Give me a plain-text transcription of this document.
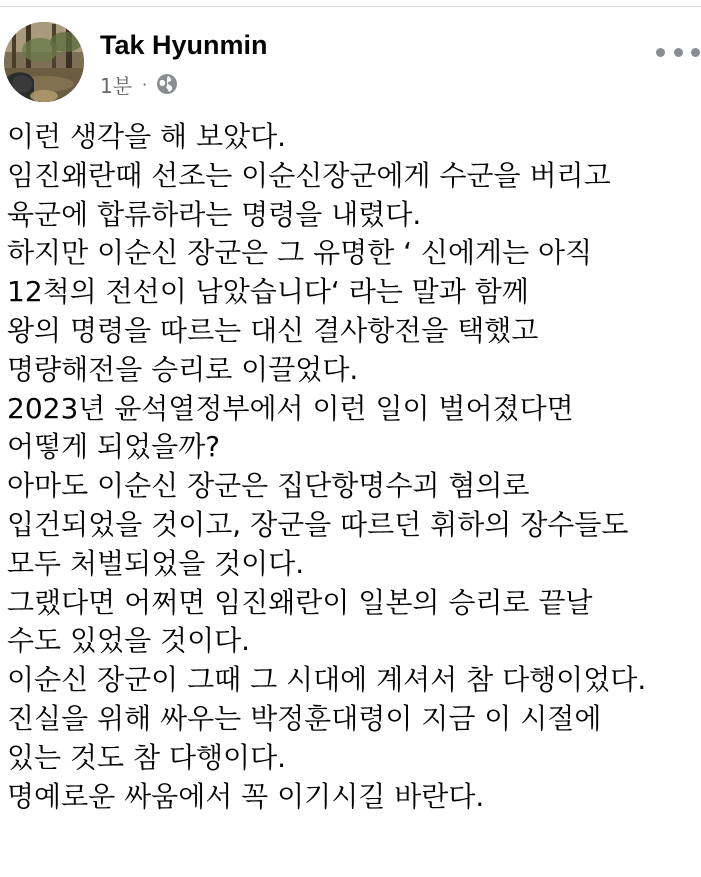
Tak Hyunmin
1분 ·
이런 생각을 해 보았다.
임진왜란때 선조는 이순신장군에게 수군을 버리고
육군에 합류하라는 명령을 내렸다.
하지만 이순신 장군은 그 유명한 ‘ 신에게는 아직
12척의 전선이 남았습니다‘ 라는 말과 함께
왕의 명령을 따르는 대신 결사항전을 택했고
명량해전을 승리로 이끌었다.
2023년 윤석열정부에서 이런 일이 벌어졌다면
어떻게 되었을까?
아마도 이순신 장군은 집단항명수괴 혐의로
입건되었을 것이고, 장군을 따르던 휘하의 장수들도
모두 처벌되었을 것이다.
그랬다면 어쩌면 임진왜란이 일본의 승리로 끝날
수도 있었을 것이다.
이순신 장군이 그때 그 시대에 계셔서 참 다행이었다.
진실을 위해 싸우는 박정훈대령이 지금 이 시절에
있는 것도 참 다행이다.
명예로운 싸움에서 꼭 이기시길 바란다.
